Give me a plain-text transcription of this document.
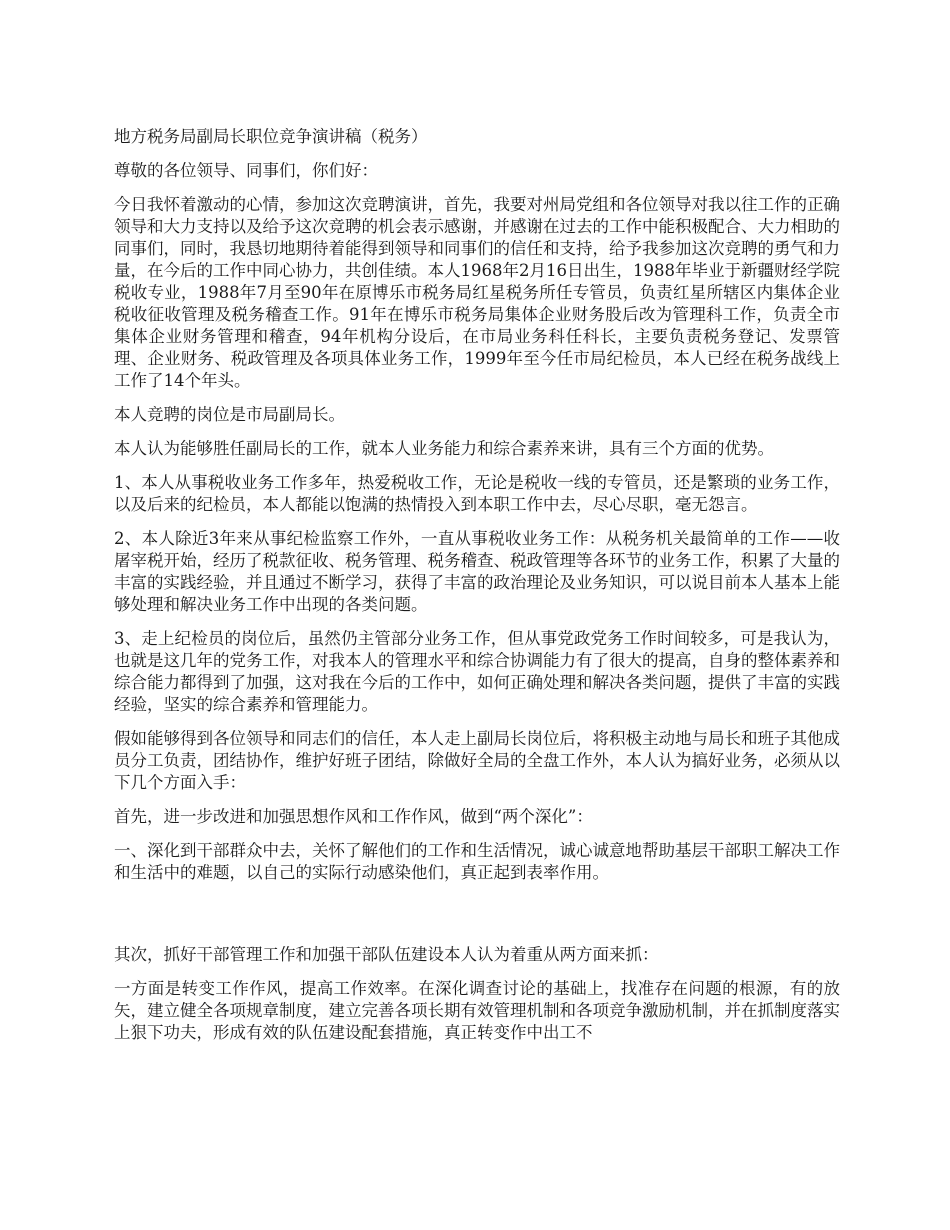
地方税务局副局长职位竞争演讲稿（税务）

尊敬的各位领导、同事们，你们好：

今日我怀着激动的心情，参加这次竞聘演讲，首先，我要对州局党组和各位领导对我以往工作的正确领导和大力支持以及给予这次竞聘的机会表示感谢，并感谢在过去的工作中能积极配合、大力相助的同事们，同时，我恳切地期待着能得到领导和同事们的信任和支持，给予我参加这次竞聘的勇气和力量，在今后的工作中同心协力，共创佳绩。本人1968年2月16日出生，1988年毕业于新疆财经学院税收专业，1988年7月至90年在原博乐市税务局红星税务所任专管员，负责红星所辖区内集体企业税收征收管理及税务稽查工作。91年在博乐市税务局集体企业财务股后改为管理科工作，负责全市集体企业财务管理和稽查，94年机构分设后，在市局业务科任科长，主要负责税务登记、发票管理、企业财务、税政管理及各项具体业务工作，1999年至今任市局纪检员，本人已经在税务战线上工作了14个年头。

本人竞聘的岗位是市局副局长。

本人认为能够胜任副局长的工作，就本人业务能力和综合素养来讲，具有三个方面的优势。

1、本人从事税收业务工作多年，热爱税收工作，无论是税收一线的专管员，还是繁琐的业务工作，以及后来的纪检员，本人都能以饱满的热情投入到本职工作中去，尽心尽职，毫无怨言。

2、本人除近3年来从事纪检监察工作外，一直从事税收业务工作：从税务机关最简单的工作——收屠宰税开始，经历了税款征收、税务管理、税务稽查、税政管理等各环节的业务工作，积累了大量的丰富的实践经验，并且通过不断学习，获得了丰富的政治理论及业务知识，可以说目前本人基本上能够处理和解决业务工作中出现的各类问题。

3、走上纪检员的岗位后，虽然仍主管部分业务工作，但从事党政党务工作时间较多，可是我认为，也就是这几年的党务工作，对我本人的管理水平和综合协调能力有了很大的提高，自身的整体素养和综合能力都得到了加强，这对我在今后的工作中，如何正确处理和解决各类问题，提供了丰富的实践经验，坚实的综合素养和管理能力。

假如能够得到各位领导和同志们的信任，本人走上副局长岗位后，将积极主动地与局长和班子其他成员分工负责，团结协作，维护好班子团结，除做好全局的全盘工作外，本人认为搞好业务，必须从以下几个方面入手：

首先，进一步改进和加强思想作风和工作作风，做到“两个深化”：

一、深化到干部群众中去，关怀了解他们的工作和生活情况，诚心诚意地帮助基层干部职工解决工作和生活中的难题，以自己的实际行动感染他们，真正起到表率作用。

其次，抓好干部管理工作和加强干部队伍建设本人认为着重从两方面来抓：

一方面是转变工作作风，提高工作效率。在深化调查讨论的基础上，找准存在问题的根源，有的放矢，建立健全各项规章制度，建立完善各项长期有效管理机制和各项竞争激励机制，并在抓制度落实上狠下功夫，形成有效的队伍建设配套措施，真正转变作中出工不
